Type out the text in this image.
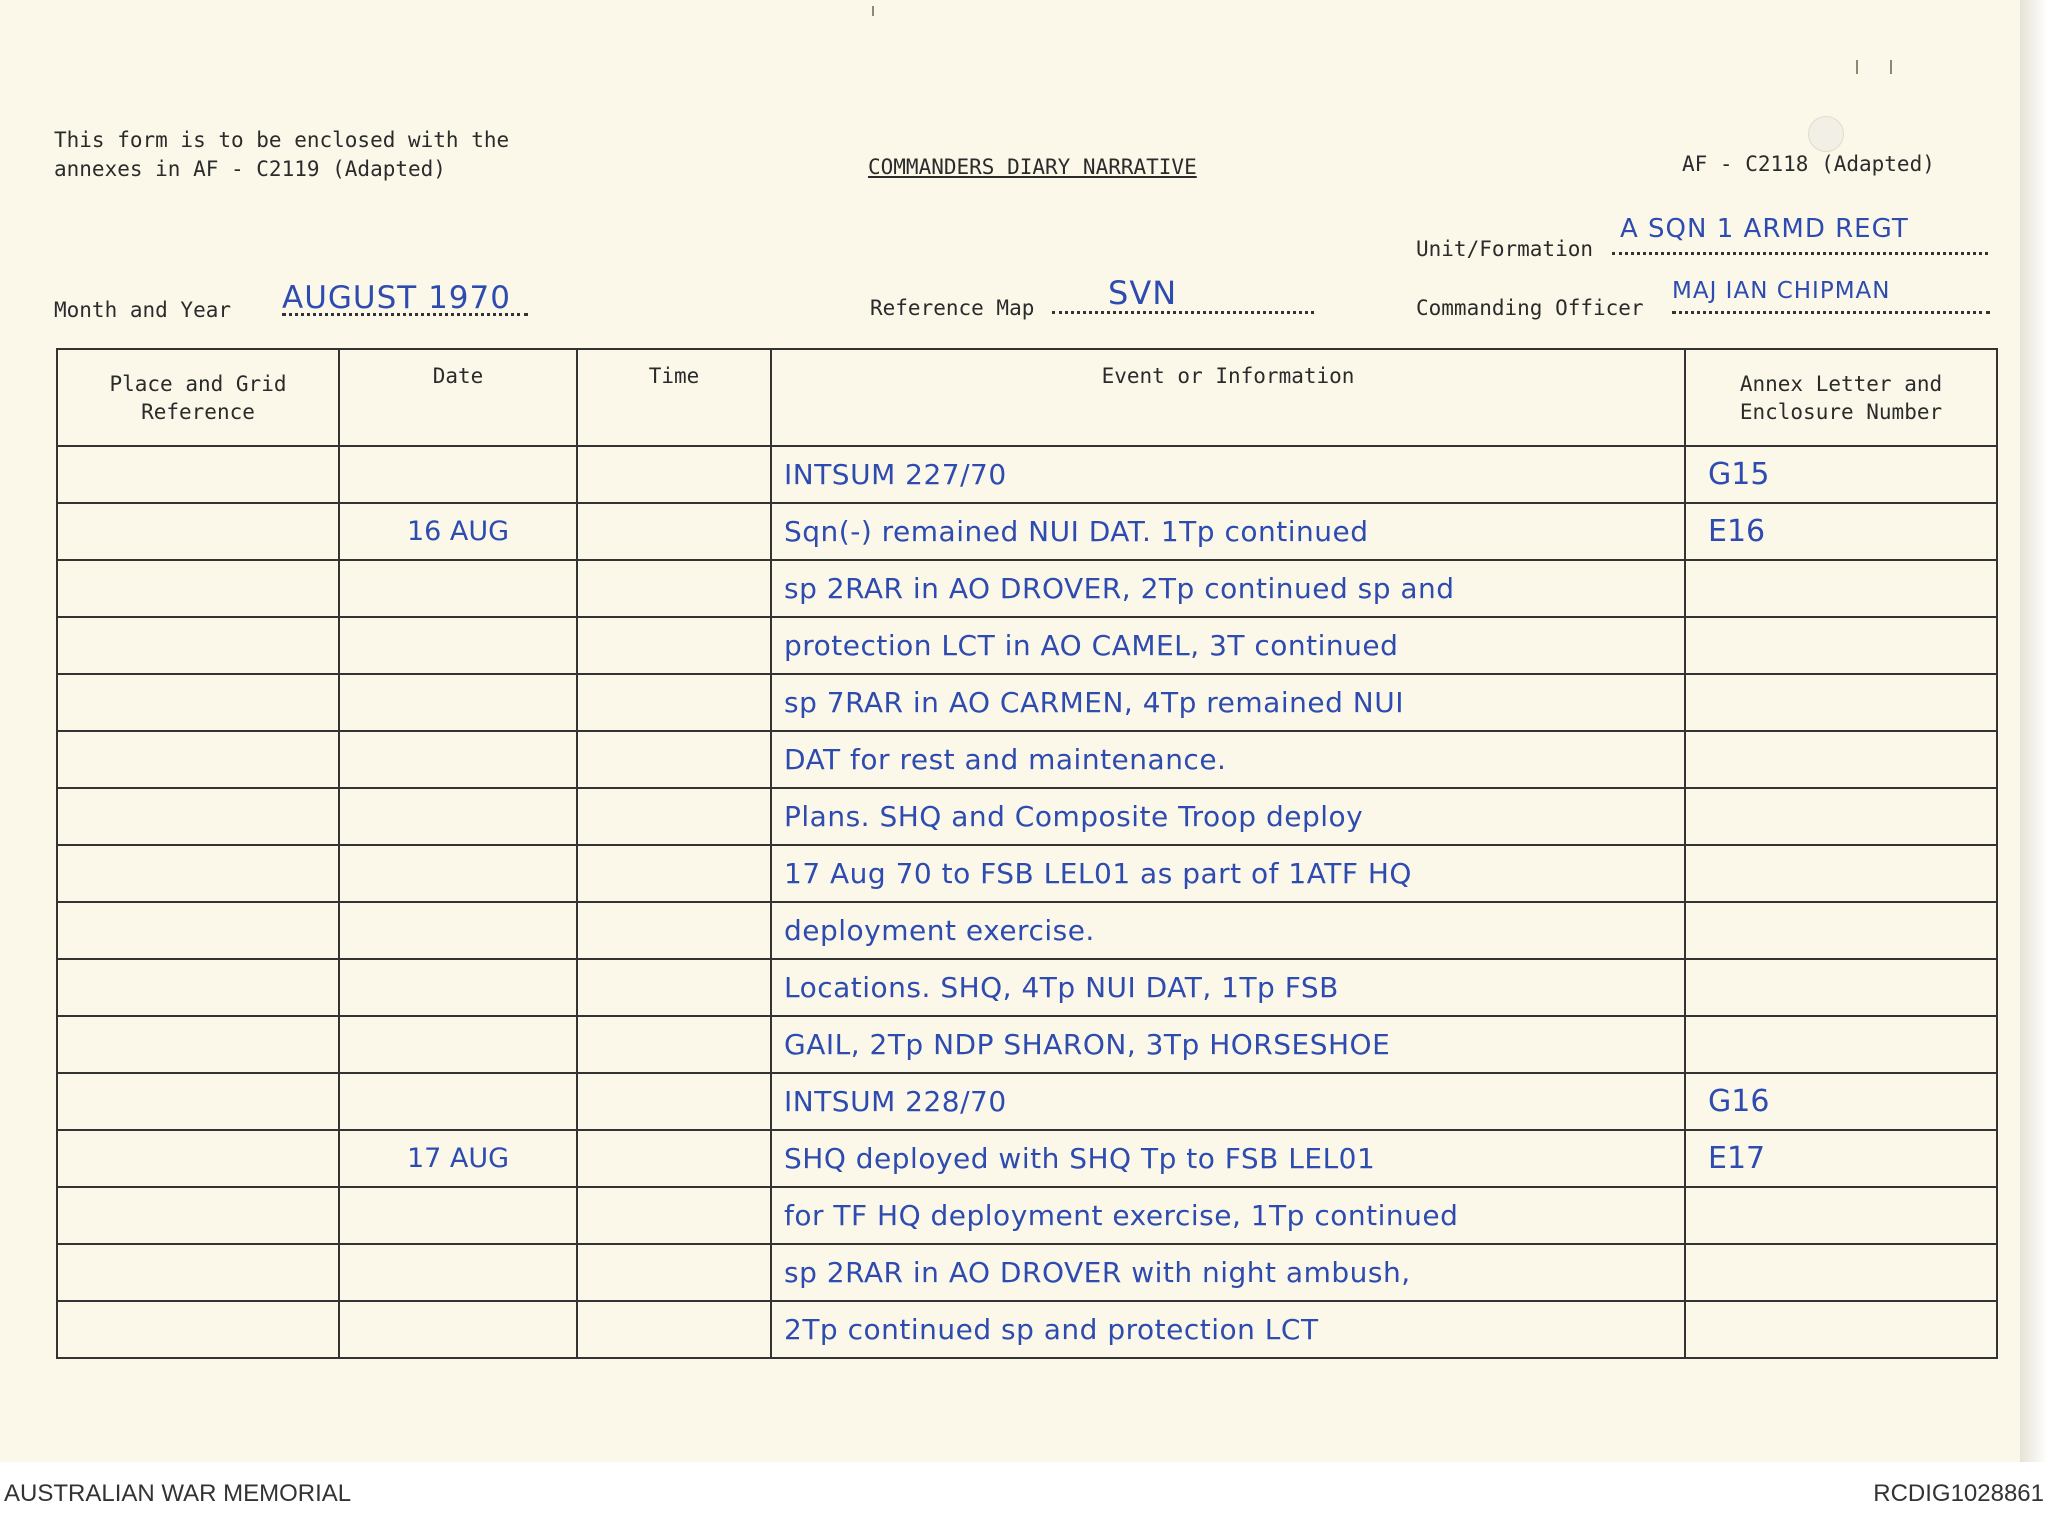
This form is to be enclosed with the
annexes in AF - C2119 (Adapted)	COMMANDERS DIARY NARRATIVE	AF - C2118 (Adapted)
Unit/Formation
A SQN 1 ARMD REGT
Month and Year AUGUST 1970	Reference Map SVN	Commanding Officer
MAJ IAN CHIPMAN
Place and Grid Reference	Date	Time	Event or Information	Annex Letter and Enclosure Number
			INTSUM 227/70	G15
	16 AUG		Sqn(-) remained NUI DAT. 1Tp continued	E16
			sp 2RAR in AO DROVER, 2Tp continued sp and	
			protection LCT in AO CAMEL, 3T continued	
			sp 7RAR in AO CARMEN, 4Tp remained NUI	
			DAT for rest and maintenance.	
			Plans. SHQ and Composite Troop deploy	
			17 Aug 70 to FSB LEL01 as part of 1ATF HQ	
			deployment exercise.	
			Locations. SHQ, 4Tp NUI DAT, 1Tp FSB	
			GAIL, 2Tp NDP SHARON, 3Tp HORSESHOE	
			INTSUM 228/70	G16
	17 AUG		SHQ deployed with SHQ Tp to FSB LEL01	E17
			for TF HQ deployment exercise, 1Tp continued	
			sp 2RAR in AO DROVER with night ambush,	
			2Tp continued sp and protection LCT	
AUSTRALIAN WAR MEMORIAL	RCDIG1028861
